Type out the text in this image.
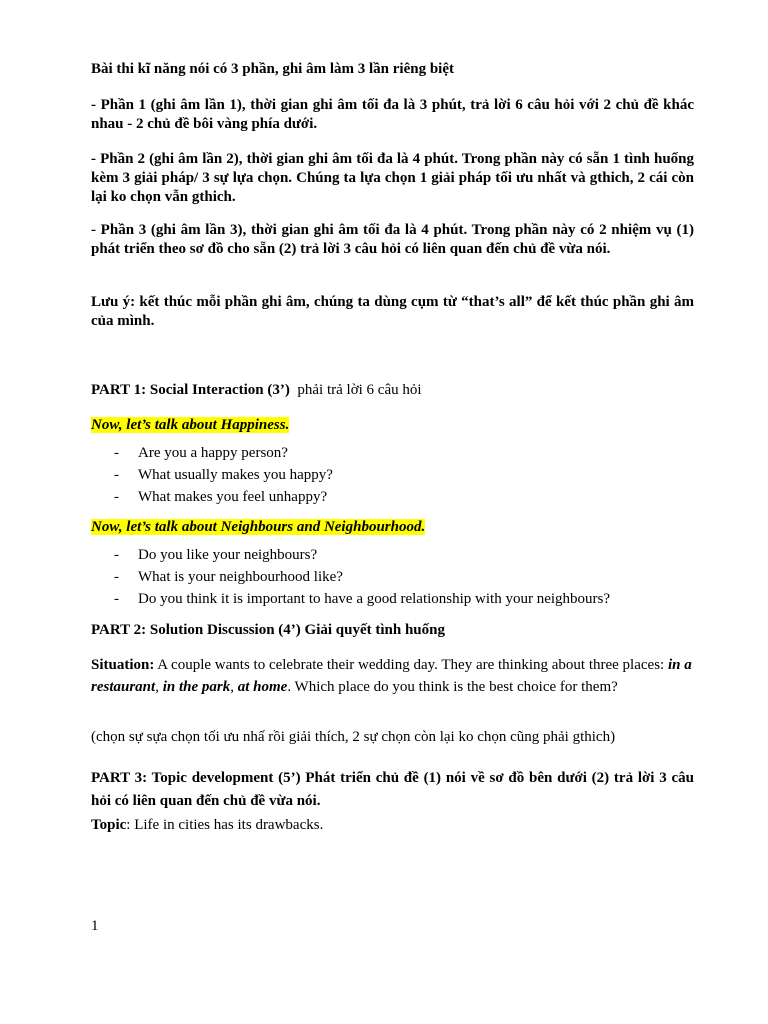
Bài thi kĩ năng nói có 3 phần, ghi âm làm 3 lần riêng biệt
- Phần 1 (ghi âm lần 1), thời gian ghi âm tối đa là 3 phút, trả lời 6 câu hỏi với 2 chủ đề khác nhau - 2 chủ đề bôi vàng phía dưới.
- Phần 2 (ghi âm lần 2), thời gian ghi âm tối đa là 4 phút. Trong phần này có sẵn 1 tình huống kèm 3 giải pháp/ 3 sự lựa chọn. Chúng ta lựa chọn 1 giải pháp tối ưu nhất và gthich, 2 cái còn lại ko chọn vẫn gthich.
- Phần 3 (ghi âm lần 3), thời gian ghi âm tối đa là 4 phút. Trong phần này có 2 nhiệm vụ (1) phát triển theo sơ đồ cho sẵn (2) trả lời 3 câu hỏi có liên quan đến chủ đề vừa nói.
Lưu ý: kết thúc mỗi phần ghi âm, chúng ta dùng cụm từ “that’s all” để kết thúc phần ghi âm của mình.
PART 1: Social Interaction (3’) phải trả lời 6 câu hỏi
Now, let’s talk about Happiness.
- Are you a happy person?
- What usually makes you happy?
- What makes you feel unhappy?
Now, let’s talk about Neighbours and Neighbourhood.
- Do you like your neighbours?
- What is your neighbourhood like?
- Do you think it is important to have a good relationship with your neighbours?
PART 2: Solution Discussion (4’) Giải quyết tình huống
Situation: A couple wants to celebrate their wedding day. They are thinking about three places: in a restaurant, in the park, at home. Which place do you think is the best choice for them?
(chọn sự sựa chọn tối ưu nhấ rồi giải thích, 2 sự chọn còn lại ko chọn cũng phải gthich)
PART 3: Topic development (5’) Phát triển chủ đề (1) nói về sơ đồ bên dưới (2) trả lời 3 câu hỏi có liên quan đến chủ đề vừa nói.
Topic: Life in cities has its drawbacks.
1
